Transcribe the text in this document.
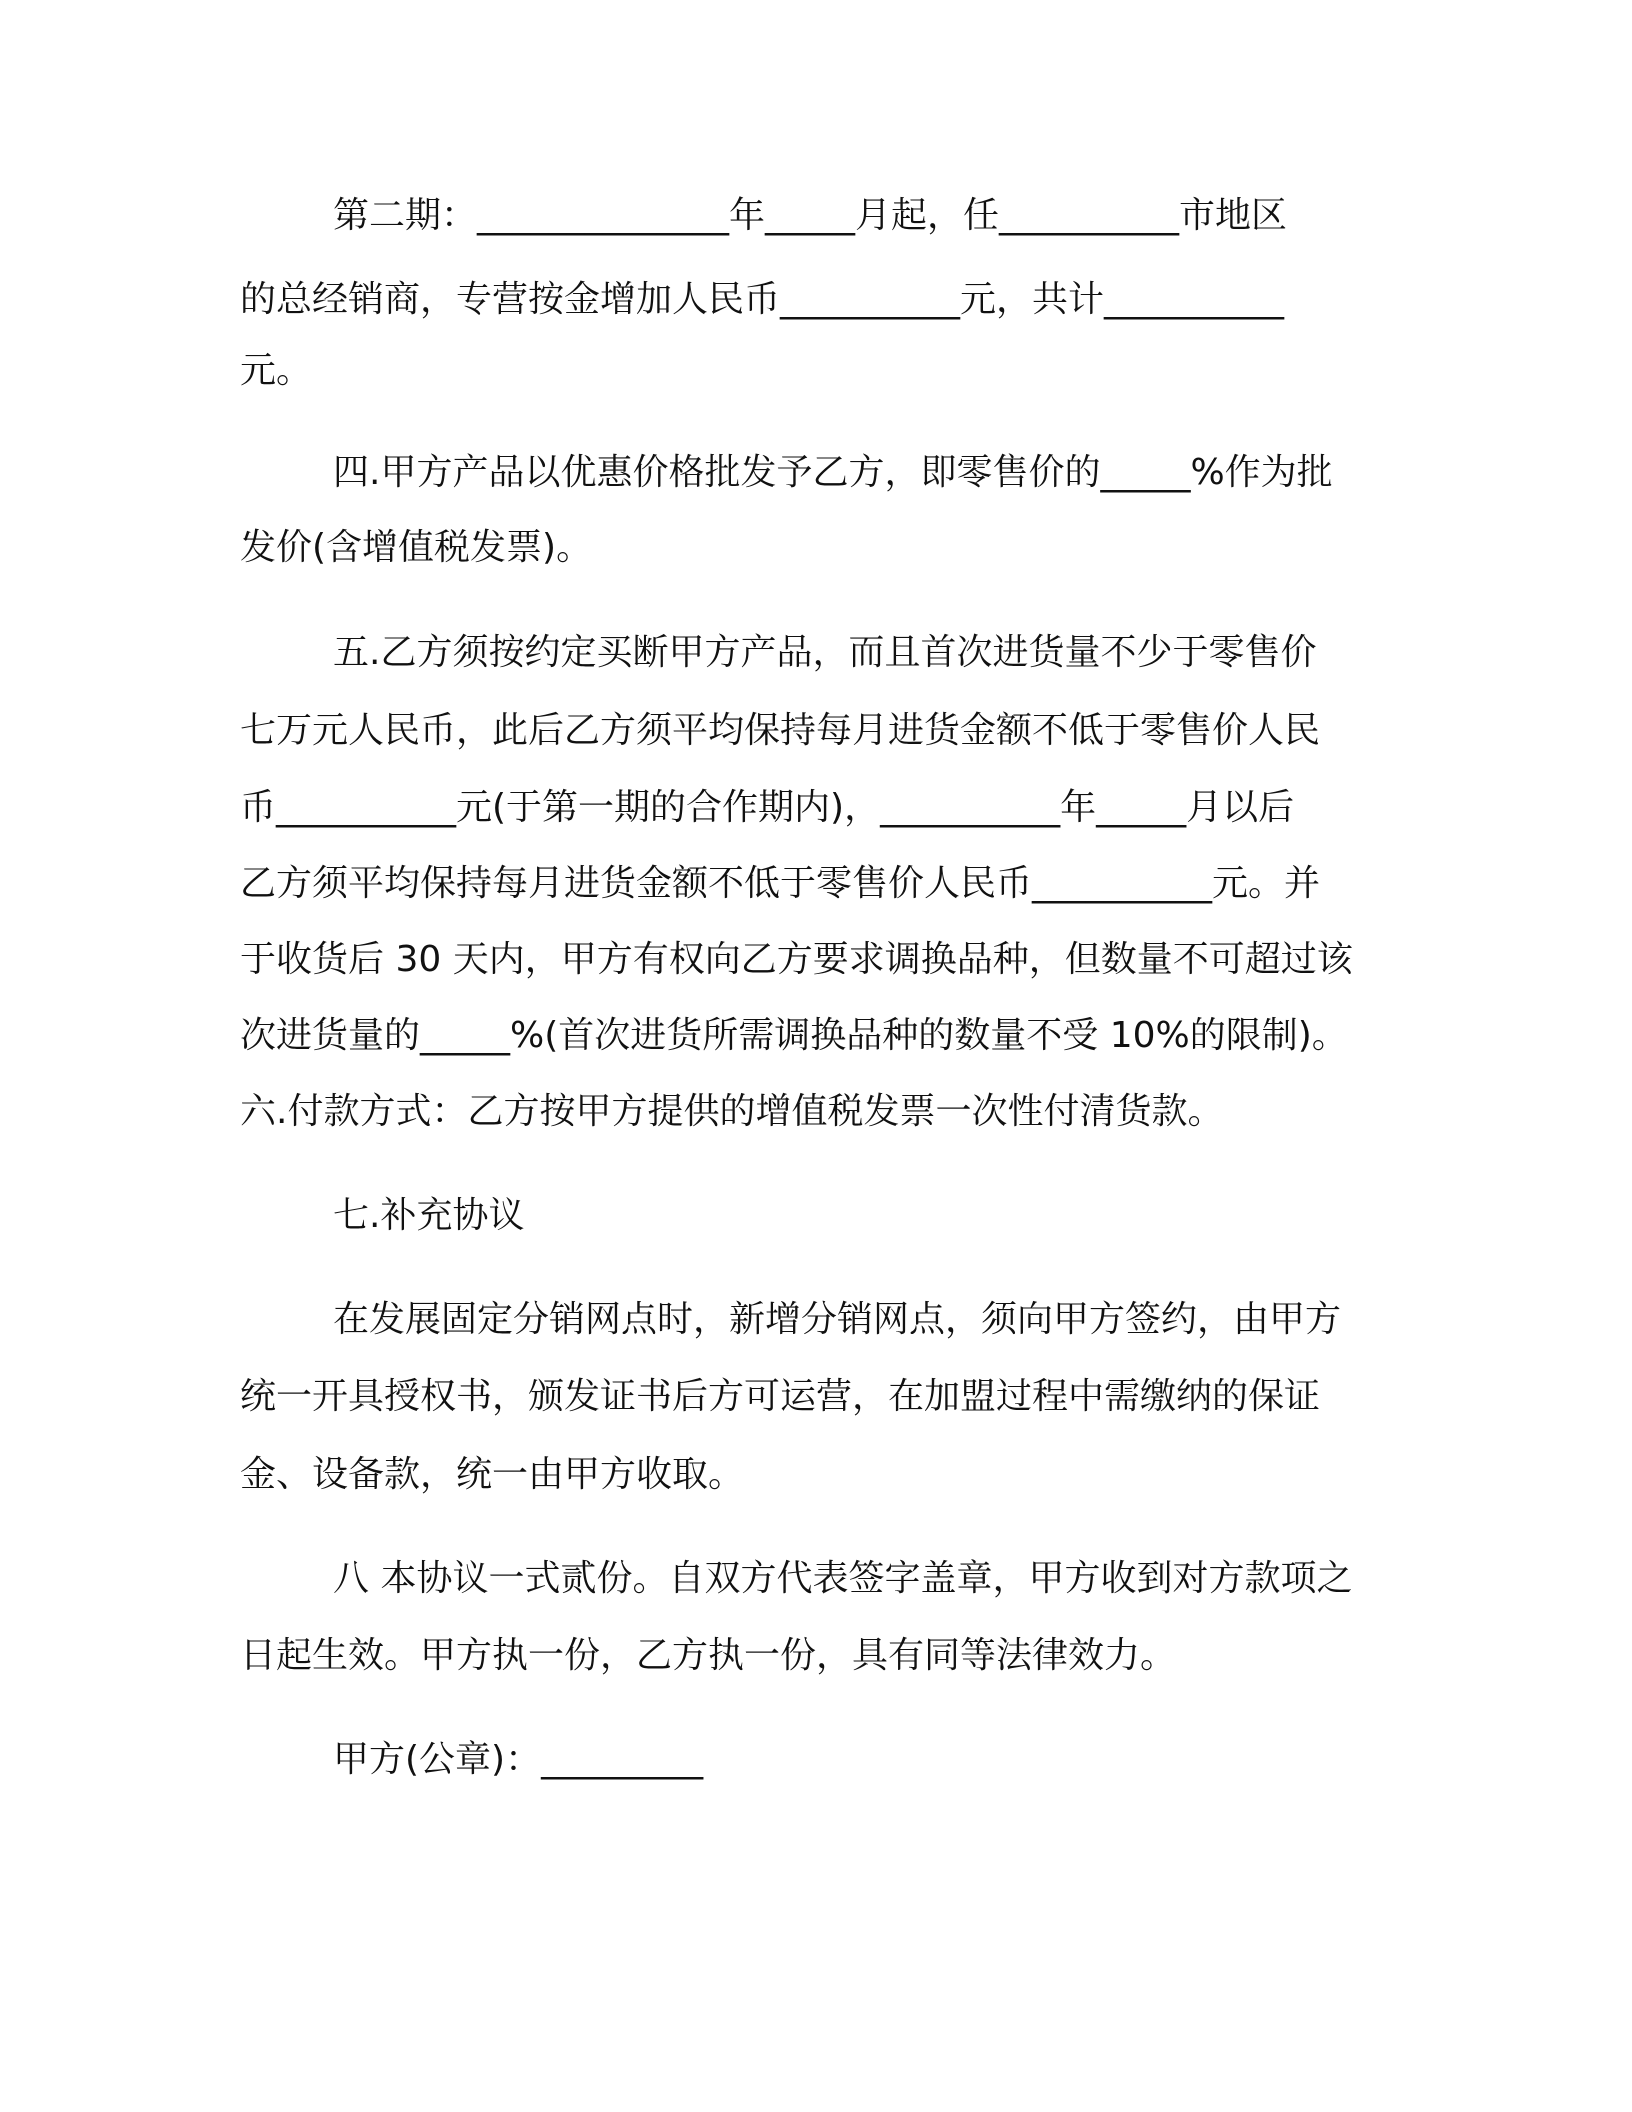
第二期：______________年_____月起，任__________市地区
的总经销商，专营按金增加人民币__________元，共计__________
元。
四.甲方产品以优惠价格批发予乙方，即零售价的_____%作为批
发价(含增值税发票)。
五.乙方须按约定买断甲方产品，而且首次进货量不少于零售价
七万元人民币，此后乙方须平均保持每月进货金额不低于零售价人民
币__________元(于第一期的合作期内)，__________年_____月以后
乙方须平均保持每月进货金额不低于零售价人民币__________元。并
于收货后 30 天内，甲方有权向乙方要求调换品种，但数量不可超过该
次进货量的_____%(首次进货所需调换品种的数量不受 10%的限制)。
六.付款方式：乙方按甲方提供的增值税发票一次性付清货款。
七.补充协议
在发展固定分销网点时，新增分销网点，须向甲方签约，由甲方
统一开具授权书，颁发证书后方可运营，在加盟过程中需缴纳的保证
金、设备款，统一由甲方收取。
八 本协议一式贰份。自双方代表签字盖章，甲方收到对方款项之
日起生效。甲方执一份，乙方执一份，具有同等法律效力。
甲方(公章)：_________
